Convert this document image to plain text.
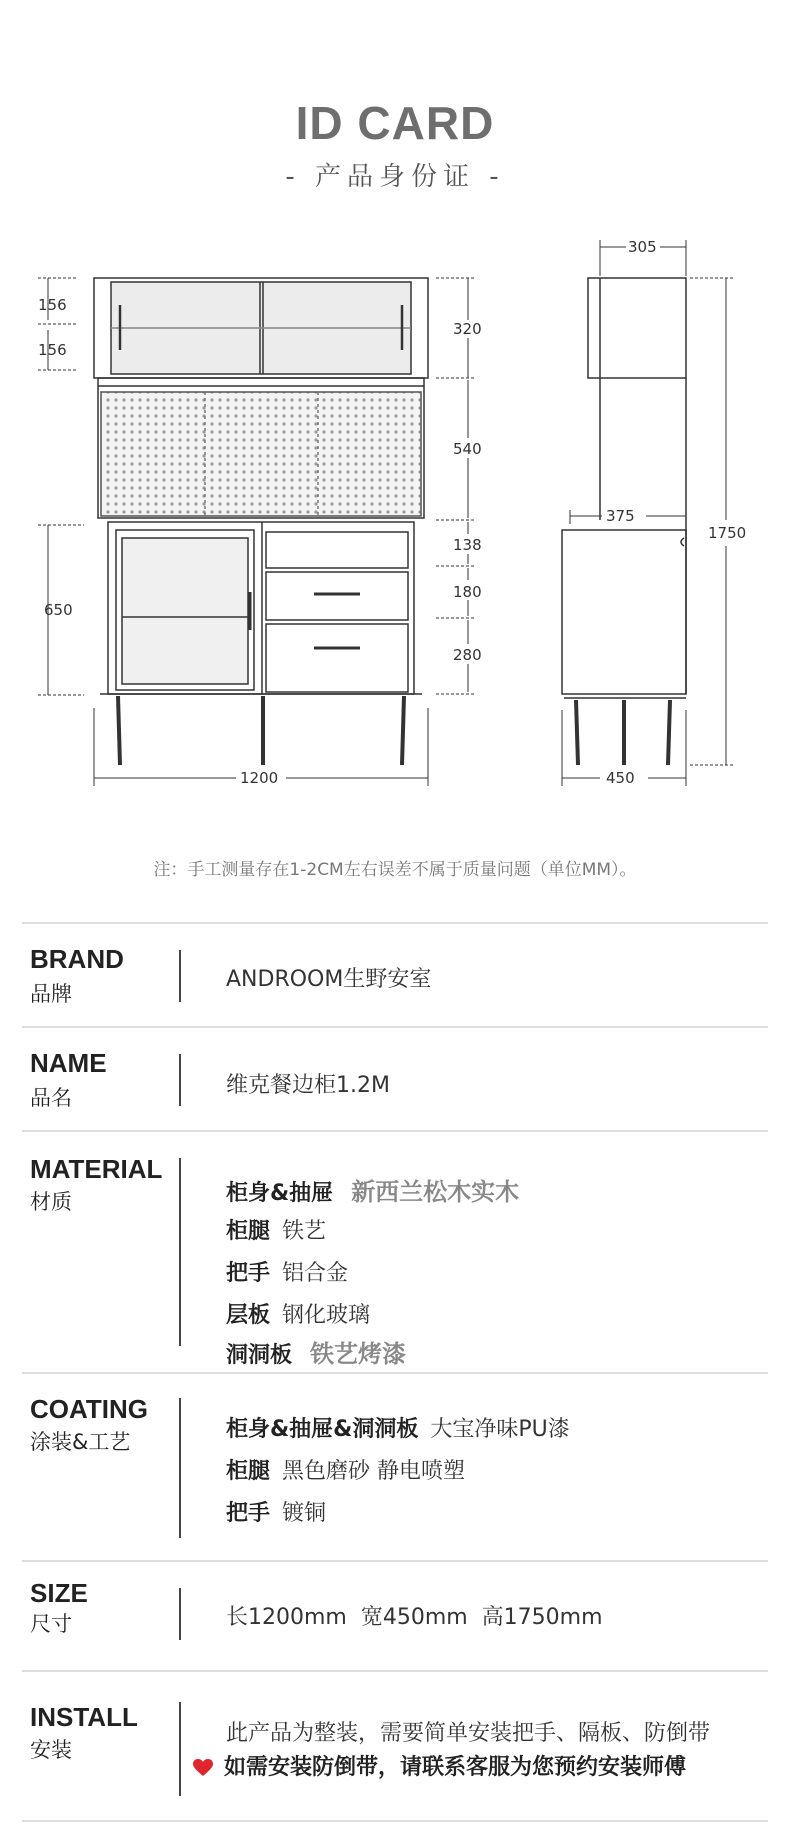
ID CARD
- 产品身份证 -
156
156
650
320
540
138
180
280
1200
305
375
1750
450
注：手工测量存在1-2CM左右误差不属于质量问题（单位MM）。
BRAND
品牌
ANDROOM生野安室
NAME
品名	维克餐边柜1.2M
MATERIAL
材质	柜身&抽屉 新西兰松木实木
柜腿 铁艺
把手 铝合金
层板 钢化玻璃
洞洞板 铁艺烤漆
COATING
涂装&工艺	柜身&抽屉&洞洞板 大宝净味PU漆
柜腿 黑色磨砂 静电喷塑
把手 镀铜
SIZE
尺寸	长1200mm  宽450mm  高1750mm
INSTALL
安装
此产品为整装，需要简单安装把手、隔板、防倒带
如需安装防倒带，请联系客服为您预约安装师傅
